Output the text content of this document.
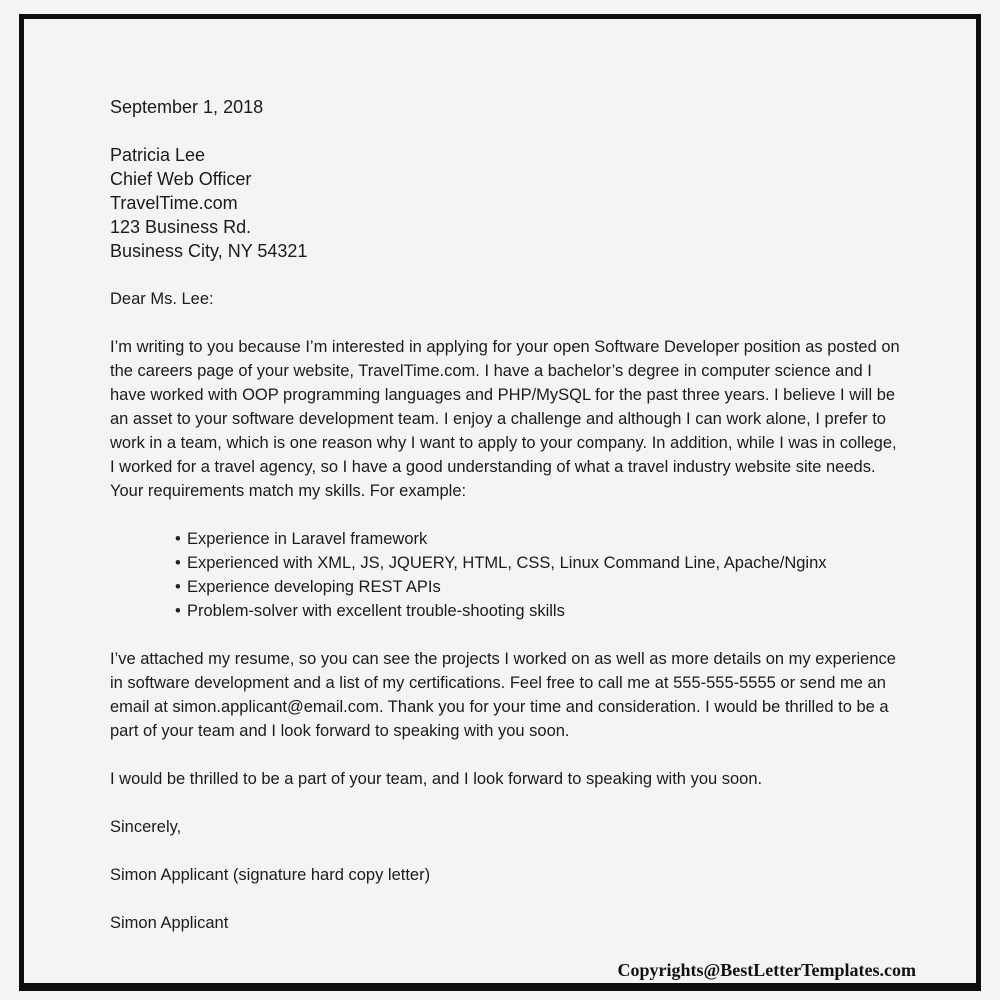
September 1, 2018
Patricia Lee
Chief Web Officer
TravelTime.com
123 Business Rd.
Business City, NY 54321
Dear Ms. Lee:
I’m writing to you because I’m interested in applying for your open Software Developer position as posted on the careers page of your website, TravelTime.com. I have a bachelor’s degree in computer science and I have worked with OOP programming languages and PHP/MySQL for the past three years. I believe I will be an asset to your software development team. I enjoy a challenge and although I can work alone, I prefer to work in a team, which is one reason why I want to apply to your company. In addition, while I was in college, I worked for a travel agency, so I have a good understanding of what a travel industry website site needs. Your requirements match my skills. For example:
• Experience in Laravel framework
• Experienced with XML, JS, JQUERY, HTML, CSS, Linux Command Line, Apache/Nginx
• Experience developing REST APIs
• Problem-solver with excellent trouble-shooting skills
I’ve attached my resume, so you can see the projects I worked on as well as more details on my experience in software development and a list of my certifications. Feel free to call me at 555-555-5555 or send me an email at simon.applicant@email.com. Thank you for your time and consideration. I would be thrilled to be a part of your team and I look forward to speaking with you soon.
I would be thrilled to be a part of your team, and I look forward to speaking with you soon.
Sincerely,
Simon Applicant (signature hard copy letter)
Simon Applicant
Copyrights@BestLetterTemplates.com
